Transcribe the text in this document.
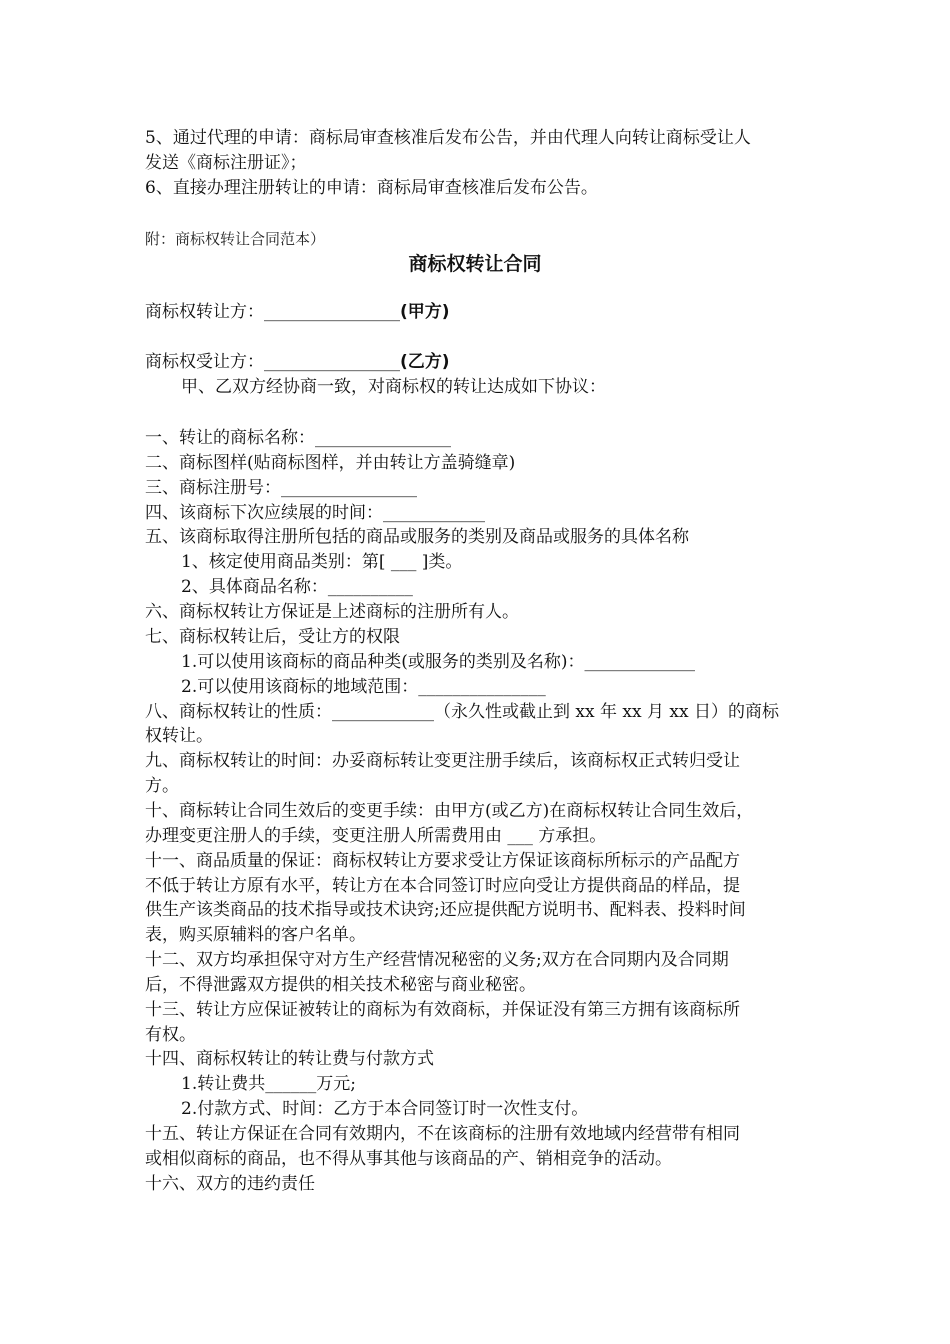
5、通过代理的申请：商标局审查核准后发布公告，并由代理人向转让商标受让人
发送《商标注册证》；
6、直接办理注册转让的申请：商标局审查核准后发布公告。
附：商标权转让合同范本）
商标权转让合同
商标权转让方：________________(甲方)
商标权受让方：________________(乙方)
甲、乙双方经协商一致，对商标权的转让达成如下协议：
一、转让的商标名称：________________
二、商标图样(贴商标图样，并由转让方盖骑缝章)
三、商标注册号：________________
四、该商标下次应续展的时间：____________
五、该商标取得注册所包括的商品或服务的类别及商品或服务的具体名称
1、核定使用商品类别：第[ ___ ]类。
2、具体商品名称：__________
六、商标权转让方保证是上述商标的注册所有人。
七、商标权转让后，受让方的权限
1.可以使用该商标的商品种类(或服务的类别及名称)：_____________
2.可以使用该商标的地域范围：_______________
八、商标权转让的性质：____________（永久性或截止到 xx 年 xx 月 xx 日）的商标
权转让。
九、商标权转让的时间：办妥商标转让变更注册手续后，该商标权正式转归受让
方。
十、商标转让合同生效后的变更手续：由甲方(或乙方)在商标权转让合同生效后，
办理变更注册人的手续，变更注册人所需费用由 ___ 方承担。
十一、商品质量的保证：商标权转让方要求受让方保证该商标所标示的产品配方
不低于转让方原有水平，转让方在本合同签订时应向受让方提供商品的样品，提
供生产该类商品的技术指导或技术诀窍;还应提供配方说明书、配料表、投料时间
表，购买原辅料的客户名单。
十二、双方均承担保守对方生产经营情况秘密的义务;双方在合同期内及合同期
后，不得泄露双方提供的相关技术秘密与商业秘密。
十三、转让方应保证被转让的商标为有效商标，并保证没有第三方拥有该商标所
有权。
十四、商标权转让的转让费与付款方式
1.转让费共______万元;
2.付款方式、时间：乙方于本合同签订时一次性支付。
十五、转让方保证在合同有效期内，不在该商标的注册有效地域内经营带有相同
或相似商标的商品，也不得从事其他与该商品的产、销相竞争的活动。
十六、双方的违约责任
